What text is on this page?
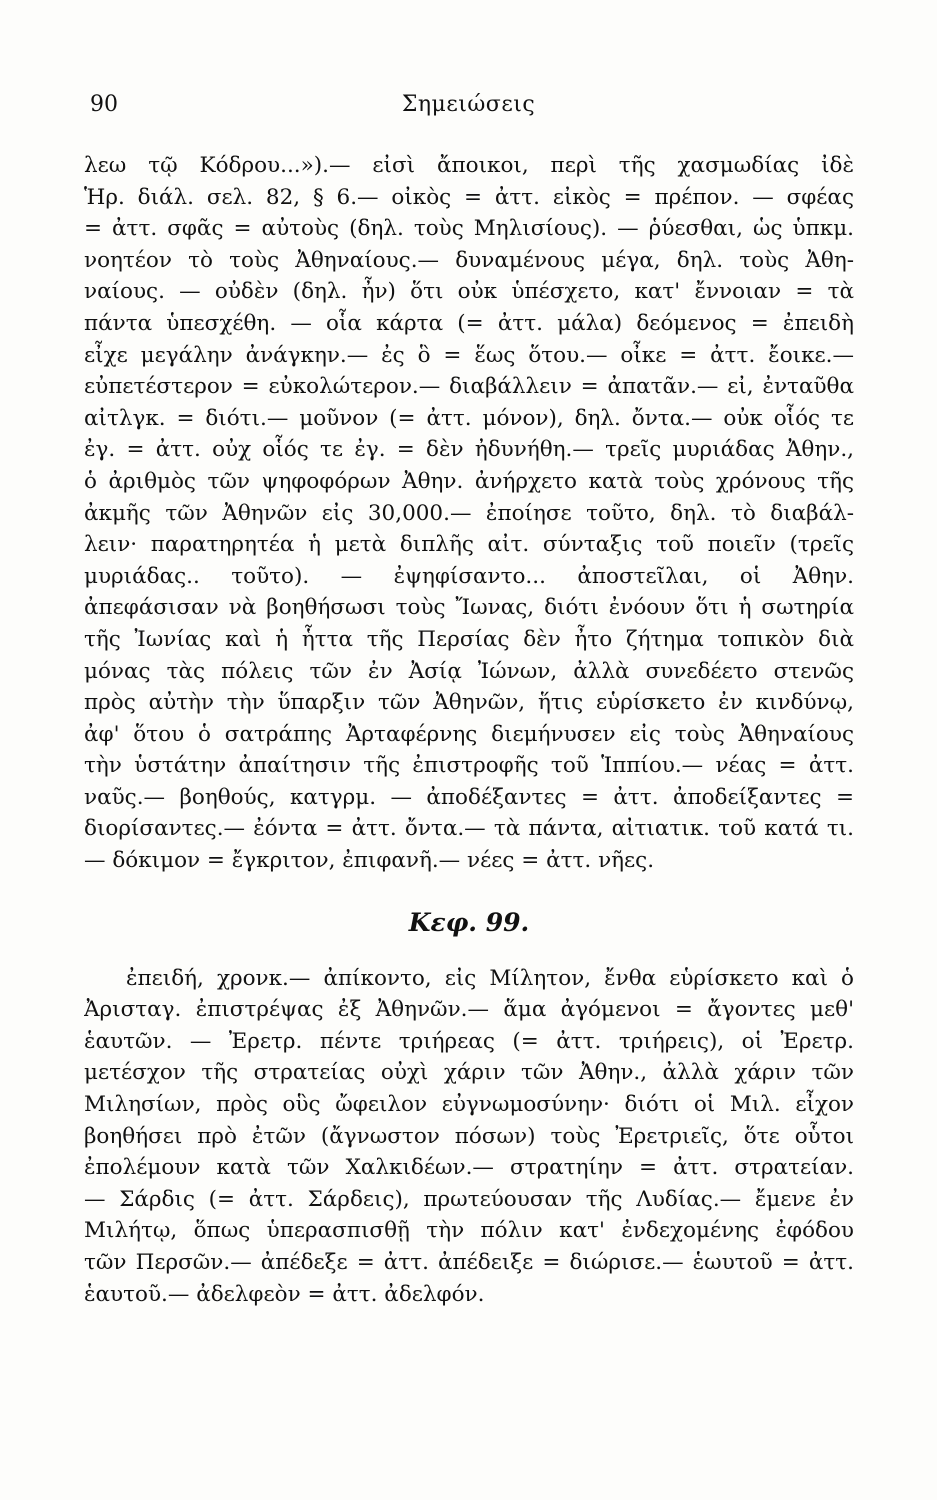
90	Σημειώσεις
λεω τῷ Κόδρου...»).— εἰσὶ ἄποικοι, περὶ τῆς χασμωδίας ἰδὲ
Ἡρ. διάλ. σελ. 82, § 6.— οἰκὸς = ἀττ. εἰκὸς = πρέπον. — σφέας
= ἀττ. σφᾶς = αὐτοὺς (δηλ. τοὺς Μηλισίους). — ῥύεσθαι, ὡς ὑπκμ.
νοητέον τὸ τοὺς Ἀθηναίους.— δυναμένους μέγα, δηλ. τοὺς Ἀθη-
ναίους. — οὐδὲν (δηλ. ἦν) ὅτι οὐκ ὑπέσχετο, κατ' ἔννοιαν = τὰ
πάντα ὑπεσχέθη. — οἷα κάρτα (= ἀττ. μάλα) δεόμενος = ἐπειδὴ
εἶχε μεγάλην ἀνάγκην.— ἐς ὃ = ἕως ὅτου.— οἶκε = ἀττ. ἔοικε.—
εὐπετέστερον = εὐκολώτερον.— διαβάλλειν = ἀπατᾶν.— εἰ, ἐνταῦθα
αἰτλγκ. = διότι.— μοῦνον (= ἀττ. μόνον), δηλ. ὄντα.— οὐκ οἷός τε
ἐγ. = ἀττ. οὐχ οἷός τε ἐγ. = δὲν ἠδυνήθη.— τρεῖς μυριάδας Ἀθην.,
ὁ ἀριθμὸς τῶν ψηφοφόρων Ἀθην. ἀνήρχετο κατὰ τοὺς χρόνους τῆς
ἀκμῆς τῶν Ἀθηνῶν εἰς 30,000.— ἐποίησε τοῦτο, δηλ. τὸ διαβάλ-
λειν· παρατηρητέα ἡ μετὰ διπλῆς αἰτ. σύνταξις τοῦ ποιεῖν (τρεῖς
μυριάδας.. τοῦτο). — ἐψηφίσαντο... ἀποστεῖλαι, οἱ Ἀθην.
ἀπεφάσισαν νὰ βοηθήσωσι τοὺς Ἴωνας, διότι ἐνόουν ὅτι ἡ σωτηρία
τῆς Ἰωνίας καὶ ἡ ἧττα τῆς Περσίας δὲν ἦτο ζήτημα τοπικὸν διὰ
μόνας τὰς πόλεις τῶν ἐν Ἀσίᾳ Ἰώνων, ἀλλὰ συνεδέετο στενῶς
πρὸς αὐτὴν τὴν ὕπαρξιν τῶν Ἀθηνῶν, ἥτις εὑρίσκετο ἐν κινδύνῳ,
ἀφ' ὅτου ὁ σατράπης Ἀρταφέρνης διεμήνυσεν εἰς τοὺς Ἀθηναίους
τὴν ὑστάτην ἀπαίτησιν τῆς ἐπιστροφῆς τοῦ Ἱππίου.— νέας = ἀττ.
ναῦς.— βοηθούς, κατγρμ. — ἀποδέξαντες = ἀττ. ἀποδείξαντες =
διορίσαντες.— ἐόντα = ἀττ. ὄντα.— τὰ πάντα, αἰτιατικ. τοῦ κατά τι.
— δόκιμον = ἔγκριτον, ἐπιφανῆ.— νέες = ἀττ. νῆες.
Κεφ. 99.
ἐπειδή, χρονκ.— ἀπίκοντο, εἰς Μίλητον, ἔνθα εὑρίσκετο καὶ ὁ
Ἀρισταγ. ἐπιστρέψας ἐξ Ἀθηνῶν.— ἅμα ἀγόμενοι = ἄγοντες μεθ'
ἑαυτῶν. — Ἐρετρ. πέντε τριήρεας (= ἀττ. τριήρεις), οἱ Ἐρετρ.
μετέσχον τῆς στρατείας οὐχὶ χάριν τῶν Ἀθην., ἀλλὰ χάριν τῶν
Μιλησίων, πρὸς οὓς ὤφειλον εὐγνωμοσύνην· διότι οἱ Μιλ. εἶχον
βοηθήσει πρὸ ἐτῶν (ἄγνωστον πόσων) τοὺς Ἐρετριεῖς, ὅτε οὗτοι
ἐπολέμουν κατὰ τῶν Χαλκιδέων.— στρατηίην = ἀττ. στρατείαν.
— Σάρδις (= ἀττ. Σάρδεις), πρωτεύουσαν τῆς Λυδίας.— ἔμενε ἐν
Μιλήτῳ, ὅπως ὑπερασπισθῇ τὴν πόλιν κατ' ἐνδεχομένης ἐφόδου
τῶν Περσῶν.— ἀπέδεξε = ἀττ. ἀπέδειξε = διώρισε.— ἑωυτοῦ = ἀττ.
ἑαυτοῦ.— ἀδελφεὸν = ἀττ. ἀδελφόν.
